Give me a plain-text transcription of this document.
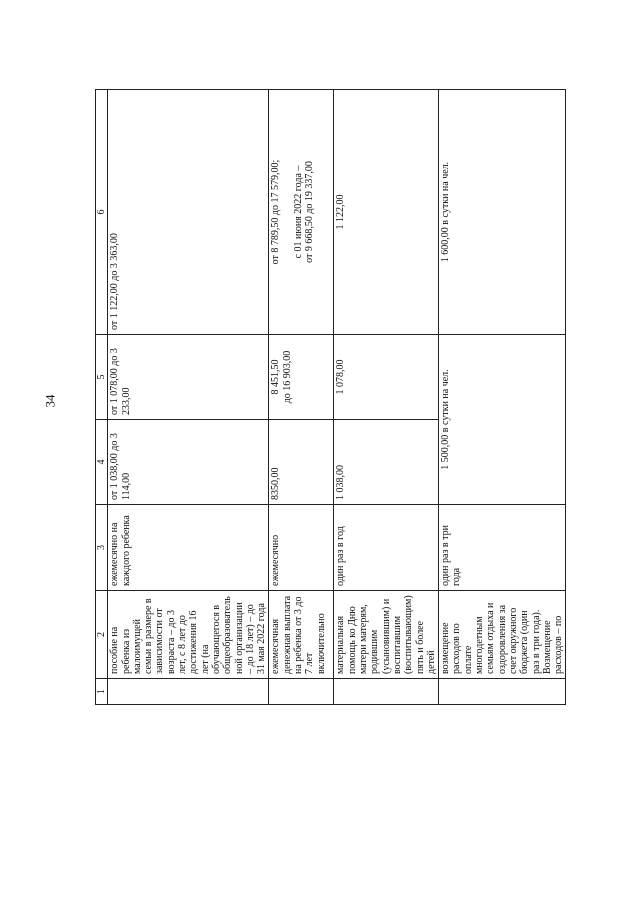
34
1	2	3	4	5	6
	пособие на ребенка из малоимущей семьи в размере в зависимости от возраста – до 3 лет, с 8 лет до достижения 16 лет (на обучающегося в общеобразователь ной организации – до 18 лет) – до 31 мая 2022 года	ежемесячно на каждого ребенка	от 1 038,00 до 3 114,00	от 1 078,00 до 3 233,00	от 1 122,00 до 3 363,00
	ежемесячная денежная выплата на ребенка от 3 до 7 лет включительно	ежемесячно	8350,00	8 451,50 до 16 903,00	от 8 789,50 до 17 579,00; с 01 июня 2022 года – от 9 668,50 до 19 337,00

	материальная помощь ко Дню матери матерям, родившим (усыновившим) и воспитавшим (воспитывающим) пять и более детей	один раз в год	1 038,00	1 078,00	1 122,00
	возмещение расходов по оплате многодетным семьям отдыха и оздоровления за счет окружного бюджета (один раз в три года). Возмещение расходов – по	один раз в три года	1 500,00 в сутки на чел.		1 600,00 в сутки на чел.
